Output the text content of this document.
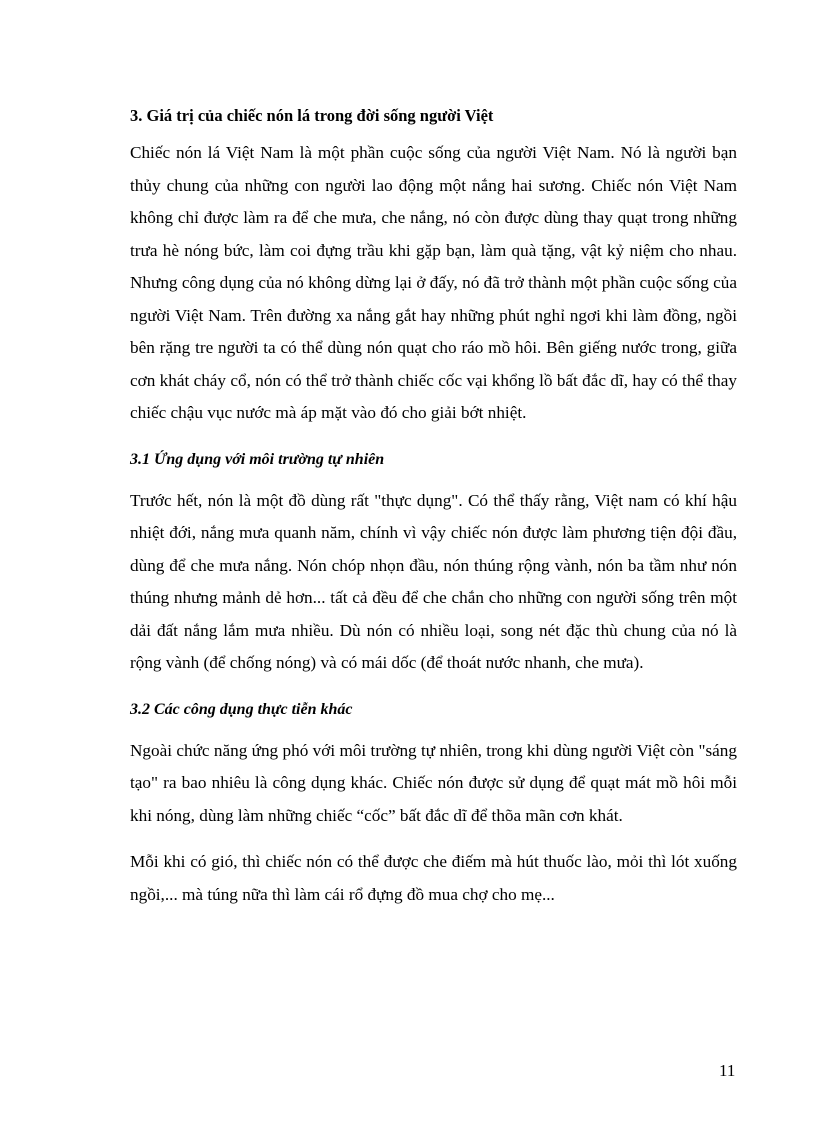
3. Giá trị của chiếc nón lá trong đời sống người Việt

Chiếc nón lá Việt Nam là một phần cuộc sống của người Việt Nam. Nó là người bạn thủy chung của những con người lao động một nắng hai sương. Chiếc nón Việt Nam không chỉ được làm ra để che mưa, che nắng, nó còn được dùng thay quạt trong những trưa hè nóng bức, làm coi đựng trầu khi gặp bạn, làm quà tặng, vật kỷ niệm cho nhau. Nhưng công dụng của nó không dừng lại ở đấy, nó đã trở thành một phần cuộc sống của người Việt Nam. Trên đường xa nắng gắt hay những phút nghỉ ngơi khi làm đồng, ngồi bên rặng tre người ta có thể dùng nón quạt cho ráo mồ hôi. Bên giếng nước trong, giữa cơn khát cháy cổ, nón có thể trở thành chiếc cốc vại khổng lồ bất đắc dĩ, hay có thể thay chiếc chậu vục nước mà áp mặt vào đó cho giải bớt nhiệt.

3.1 Ứng dụng với môi trường tự nhiên

Trước hết, nón là một đồ dùng rất "thực dụng". Có thể thấy rằng, Việt nam có khí hậu nhiệt đới, nắng mưa quanh năm, chính vì vậy chiếc nón được làm phương tiện đội đầu, dùng để che mưa nắng. Nón chóp nhọn đầu, nón thúng rộng vành, nón ba tầm như nón thúng nhưng mảnh dẻ hơn... tất cả đều để che chắn cho những con người sống trên một dải đất nắng lắm mưa nhiều. Dù nón có nhiều loại, song nét đặc thù chung của nó là rộng vành (để chống nóng) và có mái dốc (để thoát nước nhanh, che mưa).

3.2 Các công dụng thực tiễn khác

Ngoài chức năng ứng phó với môi trường tự nhiên, trong khi dùng người Việt còn "sáng tạo" ra bao nhiêu là công dụng khác. Chiếc nón được sử dụng để quạt mát mồ hôi mỗi khi nóng, dùng làm những chiếc “cốc” bất đắc dĩ để thõa mãn cơn khát.

Mỗi khi có gió, thì chiếc nón có thể được che điếm mà hút thuốc lào, mỏi thì lót xuống ngồi,... mà túng nữa thì làm cái rổ đựng đồ mua chợ cho mẹ...

11
